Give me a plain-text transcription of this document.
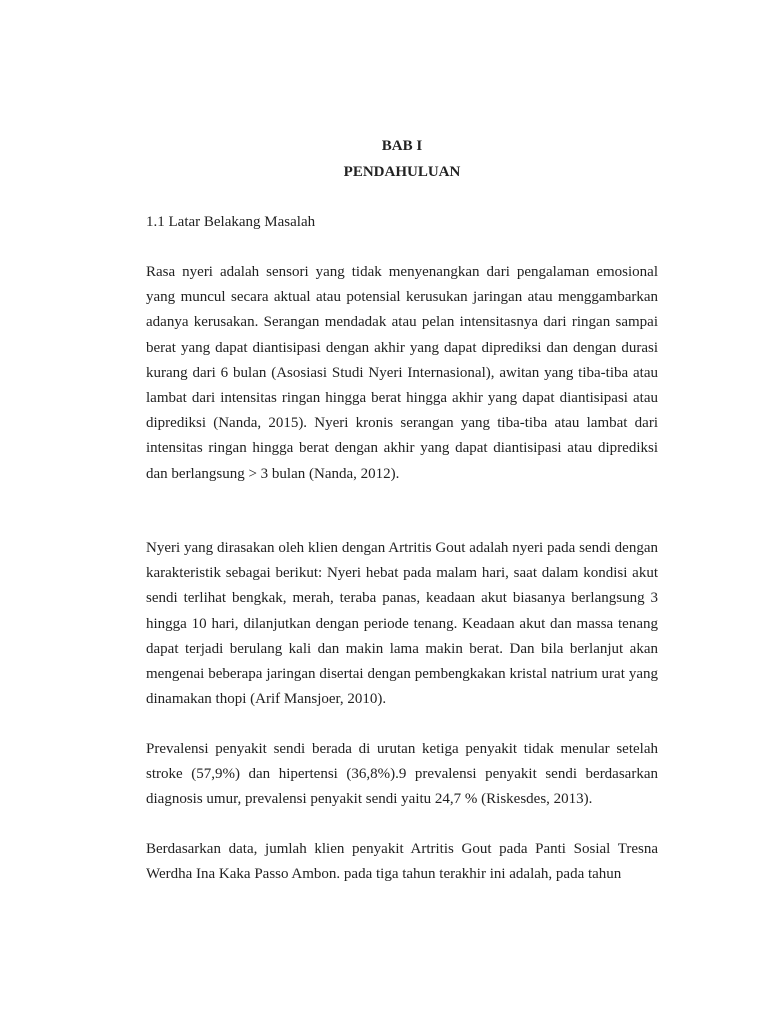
BAB I

PENDAHULUAN

1.1 Latar Belakang Masalah

Rasa nyeri adalah sensori yang tidak menyenangkan dari pengalaman emosional yang muncul secara aktual atau potensial kerusukan jaringan atau menggambarkan adanya kerusakan. Serangan mendadak atau pelan intensitasnya dari ringan sampai berat yang dapat diantisipasi dengan akhir yang dapat diprediksi dan dengan durasi kurang dari 6 bulan (Asosiasi Studi Nyeri Internasional), awitan yang tiba-tiba atau lambat dari intensitas ringan hingga berat hingga akhir yang dapat diantisipasi atau diprediksi (Nanda, 2015). Nyeri kronis serangan yang tiba-tiba atau lambat dari intensitas ringan hingga berat dengan akhir yang dapat diantisipasi atau diprediksi dan berlangsung > 3 bulan (Nanda, 2012).

Nyeri yang dirasakan oleh klien dengan Artritis Gout adalah nyeri pada sendi dengan karakteristik sebagai berikut: Nyeri hebat pada malam hari, saat dalam kondisi akut sendi terlihat bengkak, merah, teraba panas, keadaan akut biasanya berlangsung 3 hingga 10 hari, dilanjutkan dengan periode tenang. Keadaan akut dan massa tenang dapat terjadi berulang kali dan makin lama makin berat. Dan bila berlanjut akan mengenai beberapa jaringan disertai dengan pembengkakan kristal natrium urat yang dinamakan thopi (Arif Mansjoer, 2010).

Prevalensi penyakit sendi berada di urutan ketiga penyakit tidak menular setelah stroke (57,9%) dan hipertensi (36,8%).9 prevalensi penyakit sendi berdasarkan diagnosis umur, prevalensi penyakit sendi yaitu 24,7 % (Riskesdes, 2013).

Berdasarkan data, jumlah klien penyakit Artritis Gout pada Panti Sosial Tresna Werdha Ina Kaka Passo Ambon. pada tiga tahun terakhir ini adalah, pada tahun
